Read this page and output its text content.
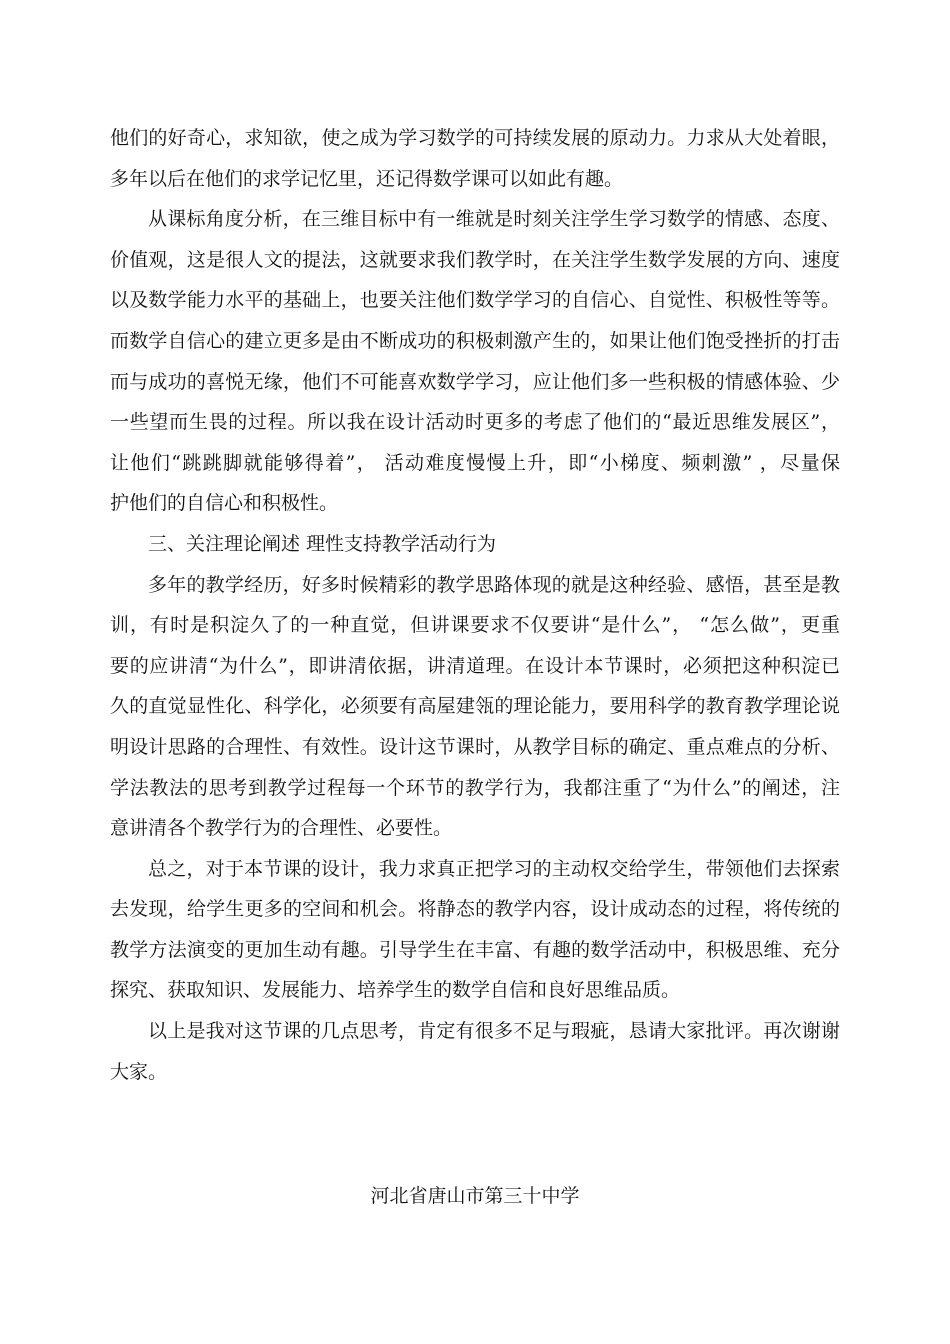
他们的好奇心，求知欲，使之成为学习数学的可持续发展的原动力。力求从大处着眼，
多年以后在他们的求学记忆里，还记得数学课可以如此有趣。
从课标角度分析，在三维目标中有一维就是时刻关注学生学习数学的情感、态度、
价值观，这是很人文的提法，这就要求我们教学时，在关注学生数学发展的方向、速度
以及数学能力水平的基础上，也要关注他们数学学习的自信心、自觉性、积极性等等。
而数学自信心的建立更多是由不断成功的积极刺激产生的，如果让他们饱受挫折的打击
而与成功的喜悦无缘，他们不可能喜欢数学学习，应让他们多一些积极的情感体验、少
一些望而生畏的过程。所以我在设计活动时更多的考虑了他们的“最近思维发展区”，
让他们“跳跳脚就能够得着”， 活动难度慢慢上升，即“小梯度、频刺激” ，尽量保
护他们的自信心和积极性。
三、关注理论阐述 理性支持教学活动行为
多年的教学经历，好多时候精彩的教学思路体现的就是这种经验、感悟，甚至是教
训，有时是积淀久了的一种直觉，但讲课要求不仅要讲“是什么”， “怎么做”，更重
要的应讲清“为什么”，即讲清依据，讲清道理。在设计本节课时，必须把这种积淀已
久的直觉显性化、科学化，必须要有高屋建瓴的理论能力，要用科学的教育教学理论说
明设计思路的合理性、有效性。设计这节课时，从教学目标的确定、重点难点的分析、
学法教法的思考到教学过程每一个环节的教学行为，我都注重了“为什么”的阐述，注
意讲清各个教学行为的合理性、必要性。
总之，对于本节课的设计，我力求真正把学习的主动权交给学生，带领他们去探索
去发现，给学生更多的空间和机会。将静态的教学内容，设计成动态的过程，将传统的
教学方法演变的更加生动有趣。引导学生在丰富、有趣的数学活动中，积极思维、充分
探究、获取知识、发展能力、培养学生的数学自信和良好思维品质。
以上是我对这节课的几点思考，肯定有很多不足与瑕疵，恳请大家批评。再次谢谢
大家。
河北省唐山市第三十中学
